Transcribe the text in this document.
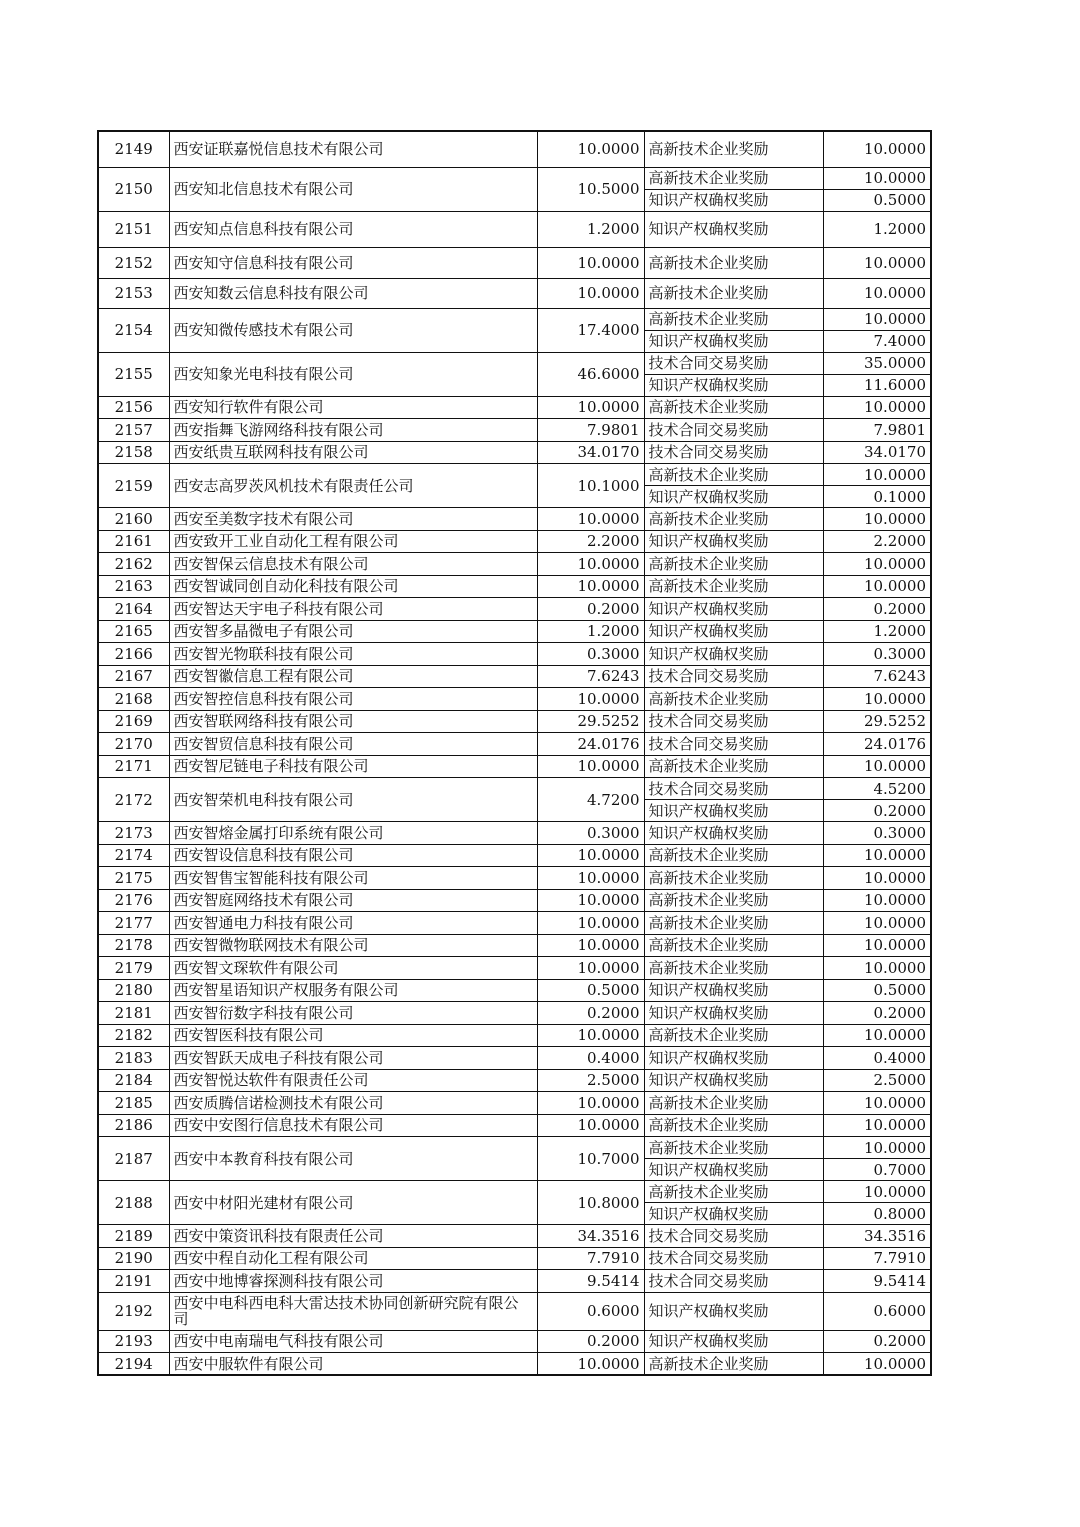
2149	西安证联嘉悦信息技术有限公司	10.0000	高新技术企业奖励	10.0000
2150	西安知北信息技术有限公司	10.5000	高新技术企业奖励	10.0000
			知识产权确权奖励	0.5000
2151	西安知点信息科技有限公司	1.2000	知识产权确权奖励	1.2000
2152	西安知守信息科技有限公司	10.0000	高新技术企业奖励	10.0000
2153	西安知数云信息科技有限公司	10.0000	高新技术企业奖励	10.0000
2154	西安知微传感技术有限公司	17.4000	高新技术企业奖励	10.0000
			知识产权确权奖励	7.4000
2155	西安知象光电科技有限公司	46.6000	技术合同交易奖励	35.0000
			知识产权确权奖励	11.6000
2156	西安知行软件有限公司	10.0000	高新技术企业奖励	10.0000
2157	西安指舞飞游网络科技有限公司	7.9801	技术合同交易奖励	7.9801
2158	西安纸贵互联网科技有限公司	34.0170	技术合同交易奖励	34.0170
2159	西安志高罗茨风机技术有限责任公司	10.1000	高新技术企业奖励	10.0000
			知识产权确权奖励	0.1000
2160	西安至美数字技术有限公司	10.0000	高新技术企业奖励	10.0000
2161	西安致开工业自动化工程有限公司	2.2000	知识产权确权奖励	2.2000
2162	西安智保云信息技术有限公司	10.0000	高新技术企业奖励	10.0000
2163	西安智诚同创自动化科技有限公司	10.0000	高新技术企业奖励	10.0000
2164	西安智达天宇电子科技有限公司	0.2000	知识产权确权奖励	0.2000
2165	西安智多晶微电子有限公司	1.2000	知识产权确权奖励	1.2000
2166	西安智光物联科技有限公司	0.3000	知识产权确权奖励	0.3000
2167	西安智徽信息工程有限公司	7.6243	技术合同交易奖励	7.6243
2168	西安智控信息科技有限公司	10.0000	高新技术企业奖励	10.0000
2169	西安智联网络科技有限公司	29.5252	技术合同交易奖励	29.5252
2170	西安智贸信息科技有限公司	24.0176	技术合同交易奖励	24.0176
2171	西安智尼链电子科技有限公司	10.0000	高新技术企业奖励	10.0000
2172	西安智荣机电科技有限公司	4.7200	技术合同交易奖励	4.5200
			知识产权确权奖励	0.2000
2173	西安智熔金属打印系统有限公司	0.3000	知识产权确权奖励	0.3000
2174	西安智设信息科技有限公司	10.0000	高新技术企业奖励	10.0000
2175	西安智售宝智能科技有限公司	10.0000	高新技术企业奖励	10.0000
2176	西安智庭网络技术有限公司	10.0000	高新技术企业奖励	10.0000
2177	西安智通电力科技有限公司	10.0000	高新技术企业奖励	10.0000
2178	西安智微物联网技术有限公司	10.0000	高新技术企业奖励	10.0000
2179	西安智文琛软件有限公司	10.0000	高新技术企业奖励	10.0000
2180	西安智星语知识产权服务有限公司	0.5000	知识产权确权奖励	0.5000
2181	西安智衍数字科技有限公司	0.2000	知识产权确权奖励	0.2000
2182	西安智医科技有限公司	10.0000	高新技术企业奖励	10.0000
2183	西安智跃天成电子科技有限公司	0.4000	知识产权确权奖励	0.4000
2184	西安智悦达软件有限责任公司	2.5000	知识产权确权奖励	2.5000
2185	西安质腾信诺检测技术有限公司	10.0000	高新技术企业奖励	10.0000
2186	西安中安图行信息技术有限公司	10.0000	高新技术企业奖励	10.0000
2187	西安中本教育科技有限公司	10.7000	高新技术企业奖励	10.0000
			知识产权确权奖励	0.7000
2188	西安中材阳光建材有限公司	10.8000	高新技术企业奖励	10.0000
			知识产权确权奖励	0.8000
2189	西安中策资讯科技有限责任公司	34.3516	技术合同交易奖励	34.3516
2190	西安中程自动化工程有限公司	7.7910	技术合同交易奖励	7.7910
2191	西安中地博睿探测科技有限公司	9.5414	技术合同交易奖励	9.5414
2192	西安中电科西电科大雷达技术协同创新研究院有限公司	0.6000	知识产权确权奖励	0.6000
2193	西安中电南瑞电气科技有限公司	0.2000	知识产权确权奖励	0.2000
2194	西安中服软件有限公司	10.0000	高新技术企业奖励	10.0000
